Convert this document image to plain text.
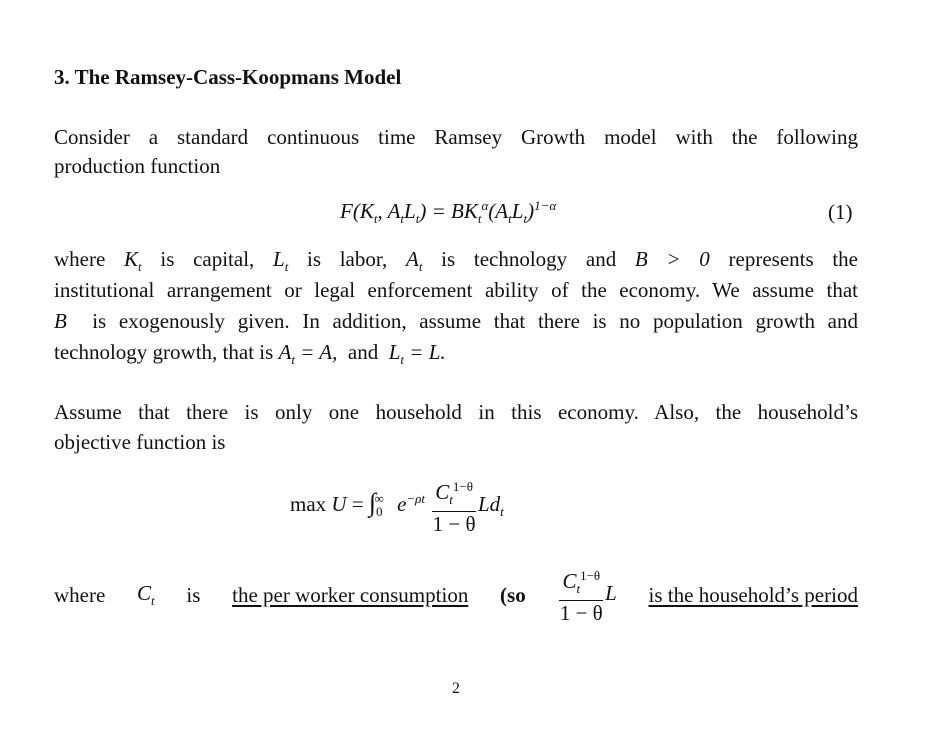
3. The Ramsey-Cass-Koopmans Model
Consider a standard continuous time Ramsey Growth model with the following
production function
$F(K_t$, $A_tL_t) = BK_t^\alpha(A_tL_t)^{1-\alpha}$	(1)
where $K_t$ is capital, $L_t$ is labor, $A_t$ is technology and B > 0 represents the
institutional arrangement or legal enforcement ability of the economy. We assume that
B is exogenously given. In addition, assume that there is no population growth and
technology growth, that is $A_t = A$, and $L_t = L$.
Assume that there is only one household in this economy. Also, the household’s
objective function is
$\max U = \int_0^\infty$ $e^{-\rho t} \frac{C_t^{1-\theta}}{1 - \theta} Ld_t$
where $C_t$ is the per worker consumption ($so \frac{C_t^{1-\theta}}{1 - \theta}$ L is the household’s period
2
